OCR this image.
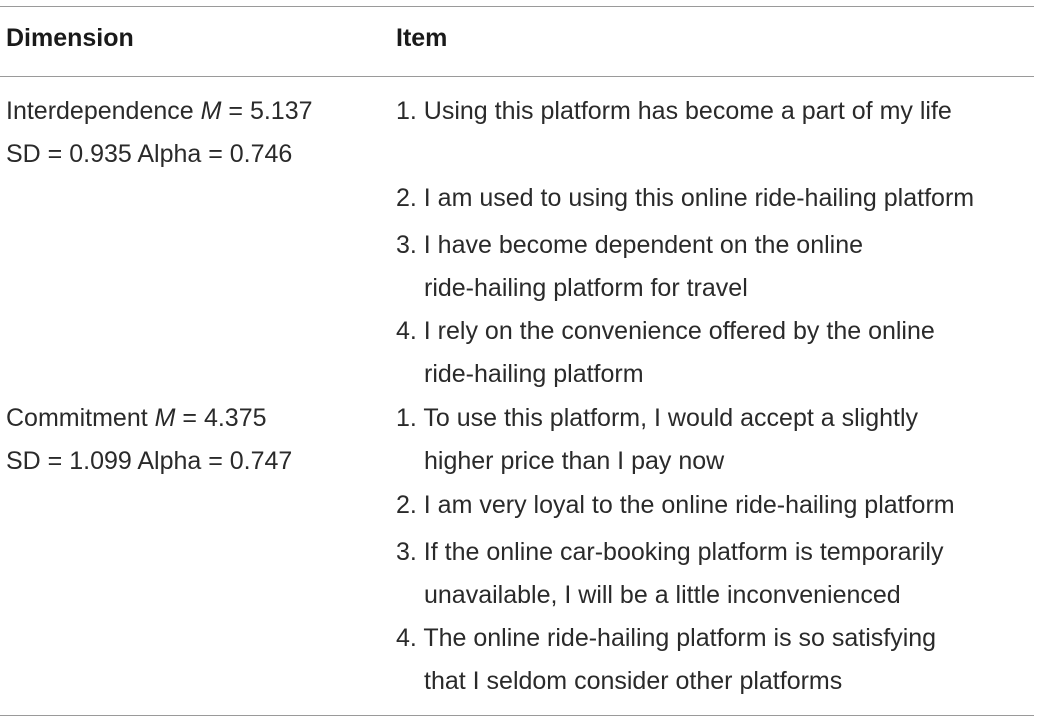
Dimension	Item
Interdependence M = 5.137
SD = 0.935 Alpha = 0.746
1. Using this platform has become a part of my life
2. I am used to using this online ride-hailing platform
3. I have become dependent on the online
ride-hailing platform for travel
4. I rely on the convenience offered by the online
ride-hailing platform
Commitment M = 4.375
SD = 1.099 Alpha = 0.747
1. To use this platform, I would accept a slightly
higher price than I pay now
2. I am very loyal to the online ride-hailing platform
3. If the online car-booking platform is temporarily
unavailable, I will be a little inconvenienced
4. The online ride-hailing platform is so satisfying
that I seldom consider other platforms
